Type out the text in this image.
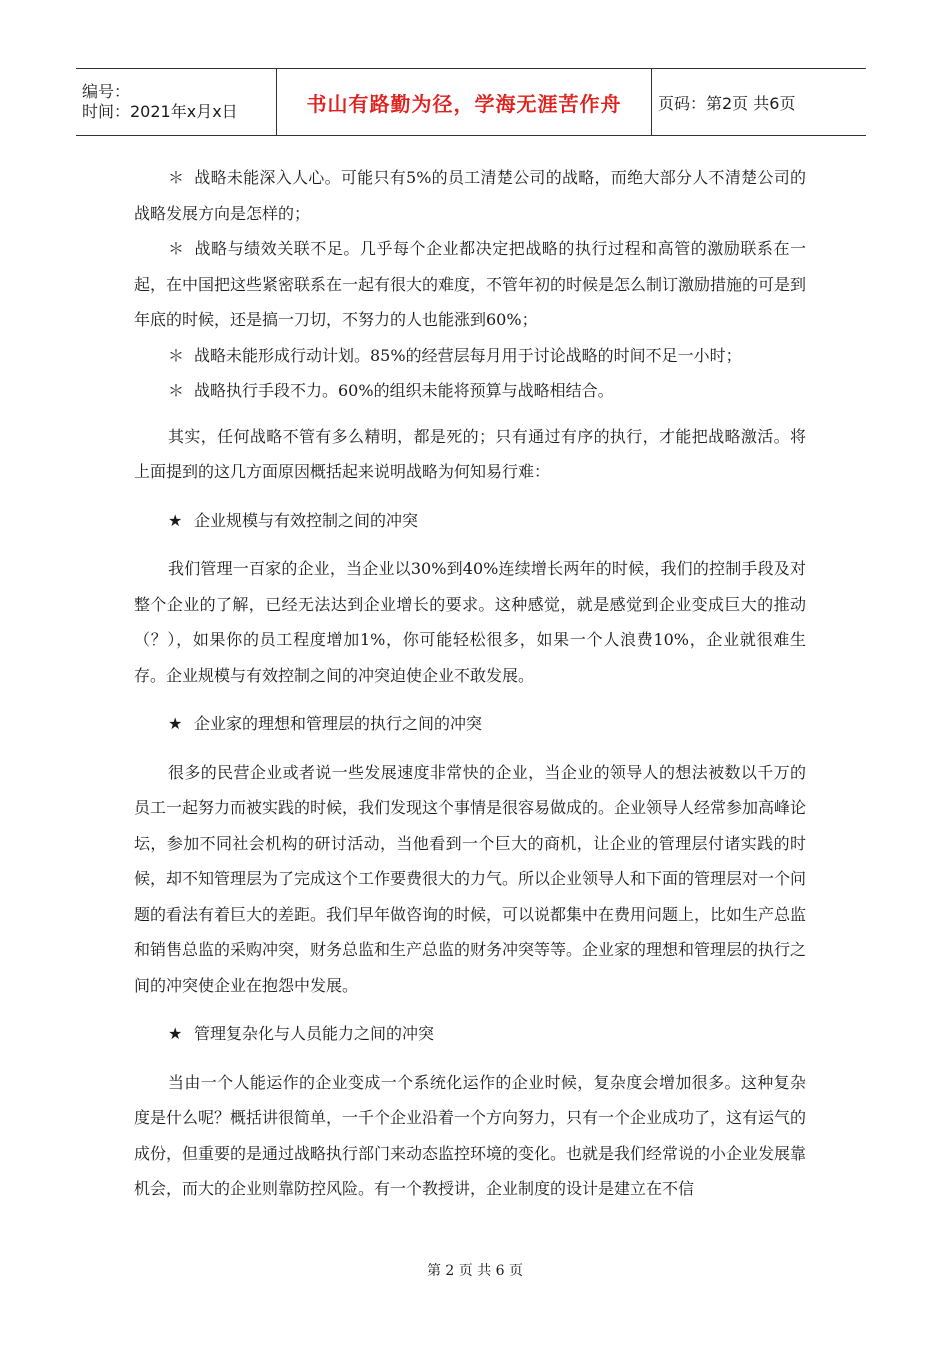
编号：
时间：2021年x月x日	书山有路勤为径，学海无涯苦作舟 页码：第2页 共6页

＊ 战略未能深入人心。可能只有5%的员工清楚公司的战略，而绝大部分人不清楚公司的战略发展方向是怎样的；

＊ 战略与绩效关联不足。几乎每个企业都决定把战略的执行过程和高管的激励联系在一起，在中国把这些紧密联系在一起有很大的难度，不管年初的时候是怎么制订激励措施的可是到年底的时候，还是搞一刀切，不努力的人也能涨到60%；

＊ 战略未能形成行动计划。85%的经营层每月用于讨论战略的时间不足一小时；

＊ 战略执行手段不力。60%的组织未能将预算与战略相结合。

其实，任何战略不管有多么精明，都是死的；只有通过有序的执行，才能把战略激活。将上面提到的这几方面原因概括起来说明战略为何知易行难：

★ 企业规模与有效控制之间的冲突

我们管理一百家的企业，当企业以30%到40%连续增长两年的时候，我们的控制手段及对整个企业的了解，已经无法达到企业增长的要求。这种感觉，就是感觉到企业变成巨大的推动（？），如果你的员工程度增加1%，你可能轻松很多，如果一个人浪费10%，企业就很难生存。企业规模与有效控制之间的冲突迫使企业不敢发展。

★ 企业家的理想和管理层的执行之间的冲突

很多的民营企业或者说一些发展速度非常快的企业，当企业的领导人的想法被数以千万的员工一起努力而被实践的时候，我们发现这个事情是很容易做成的。企业领导人经常参加高峰论坛，参加不同社会机构的研讨活动，当他看到一个巨大的商机，让企业的管理层付诸实践的时候，却不知管理层为了完成这个工作要费很大的力气。所以企业领导人和下面的管理层对一个问题的看法有着巨大的差距。我们早年做咨询的时候，可以说都集中在费用问题上，比如生产总监和销售总监的采购冲突，财务总监和生产总监的财务冲突等等。企业家的理想和管理层的执行之间的冲突使企业在抱怨中发展。

★ 管理复杂化与人员能力之间的冲突

当由一个人能运作的企业变成一个系统化运作的企业时候，复杂度会增加很多。这种复杂度是什么呢？概括讲很简单，一千个企业沿着一个方向努力，只有一个企业成功了，这有运气的成份，但重要的是通过战略执行部门来动态监控环境的变化。也就是我们经常说的小企业发展靠机会，而大的企业则靠防控风险。有一个教授讲，企业制度的设计是建立在不信

第 2 页 共 6 页
